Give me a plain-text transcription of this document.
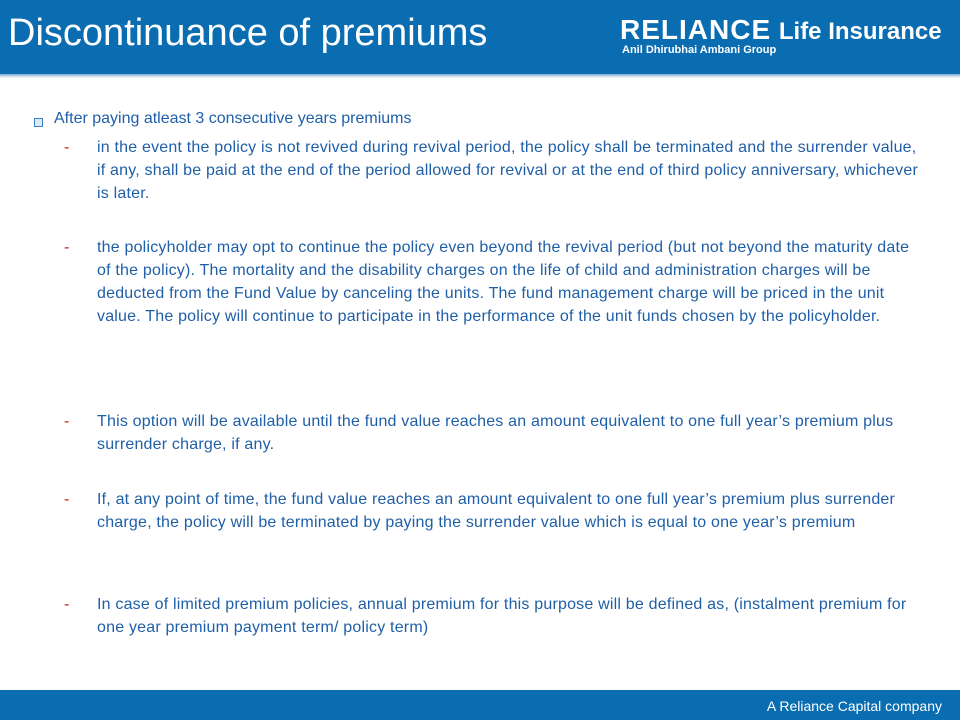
Discontinuance of premiums	RELIANCE Life Insurance
Anil Dhirubhai Ambani Group
After paying atleast 3 consecutive years premiums
-	in the event the policy is not revived during revival period, the policy shall be terminated and the surrender value, if any, shall be paid at the end of the period allowed for revival or at the end of third policy anniversary, whichever is later.
-	the policyholder may opt to continue the policy even beyond the revival period (but not beyond the maturity date of the policy). The mortality and the disability charges on the life of child and administration charges will be deducted from the Fund Value by canceling the units. The fund management charge will be priced in the unit value. The policy will continue to participate in the performance of the unit funds chosen by the policyholder.
-	This option will be available until the fund value reaches an amount equivalent to one full year’s premium plus surrender charge, if any.
-	If, at any point of time, the fund value reaches an amount equivalent to one full year’s premium plus surrender charge, the policy will be terminated by paying the surrender value which is equal to one year’s premium
-	In case of limited premium policies, annual premium for this purpose will be defined as, (instalment premium for one year premium payment term/ policy term)
A Reliance Capital company
